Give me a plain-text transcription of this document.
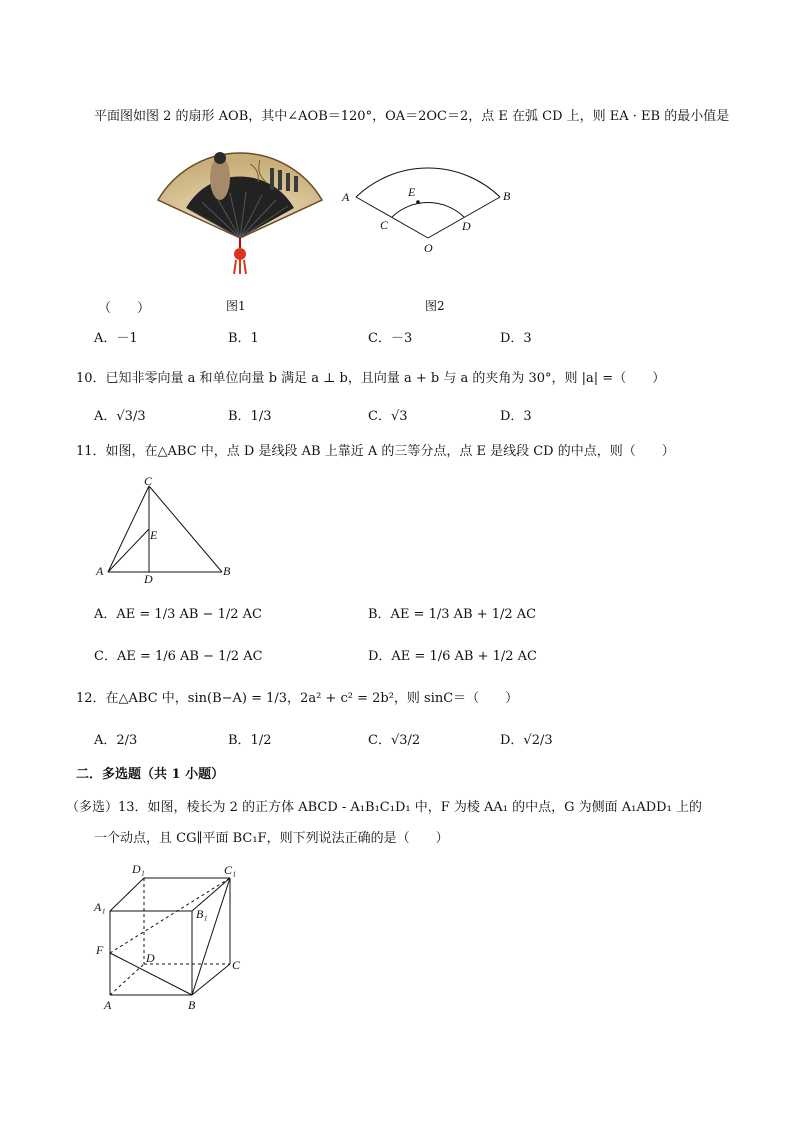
平面图如图 2 的扇形 AOB，其中∠AOB＝120°，OA＝2OC＝2，点 E 在弧 CD 上，则 EA · EB 的最小值是
图1
A	B
C	D
E
O
图2
（　　）
A．－1	B．1	C．－3	D．3
10．已知非零向量 a 和单位向量 b 满足 a ⊥ b，且向量 a + b 与 a 的夹角为 30°，则 |a| =（　　）
A．√3/3	B．1/3	C．√3	D．3
11．如图，在△ABC 中，点 D 是线段 AB 上靠近 A 的三等分点，点 E 是线段 CD 的中点，则（　　）
C
E
A
D
B
A．AE = 1/3 AB − 1/2 AC	B．AE = 1/3 AB + 1/2 AC
C．AE = 1/6 AB − 1/2 AC	D．AE = 1/6 AB + 1/2 AC
12．在△ABC 中，sin(B−A) = 1/3，2a² + c² = 2b²，则 sinC＝（　　）
A．2/3	B．1/2	C．√3/2	D．√2/3
二．多选题（共 1 小题）
（多选）13．如图，棱长为 2 的正方体 ABCD - A₁B₁C₁D₁ 中，F 为棱 AA₁ 的中点，G 为侧面 A₁ADD₁ 上的
一个动点，且 CG∥平面 BC₁F，则下列说法正确的是（　　）
D₁	C₁
A₁	B₁
F
D	C
A	B
